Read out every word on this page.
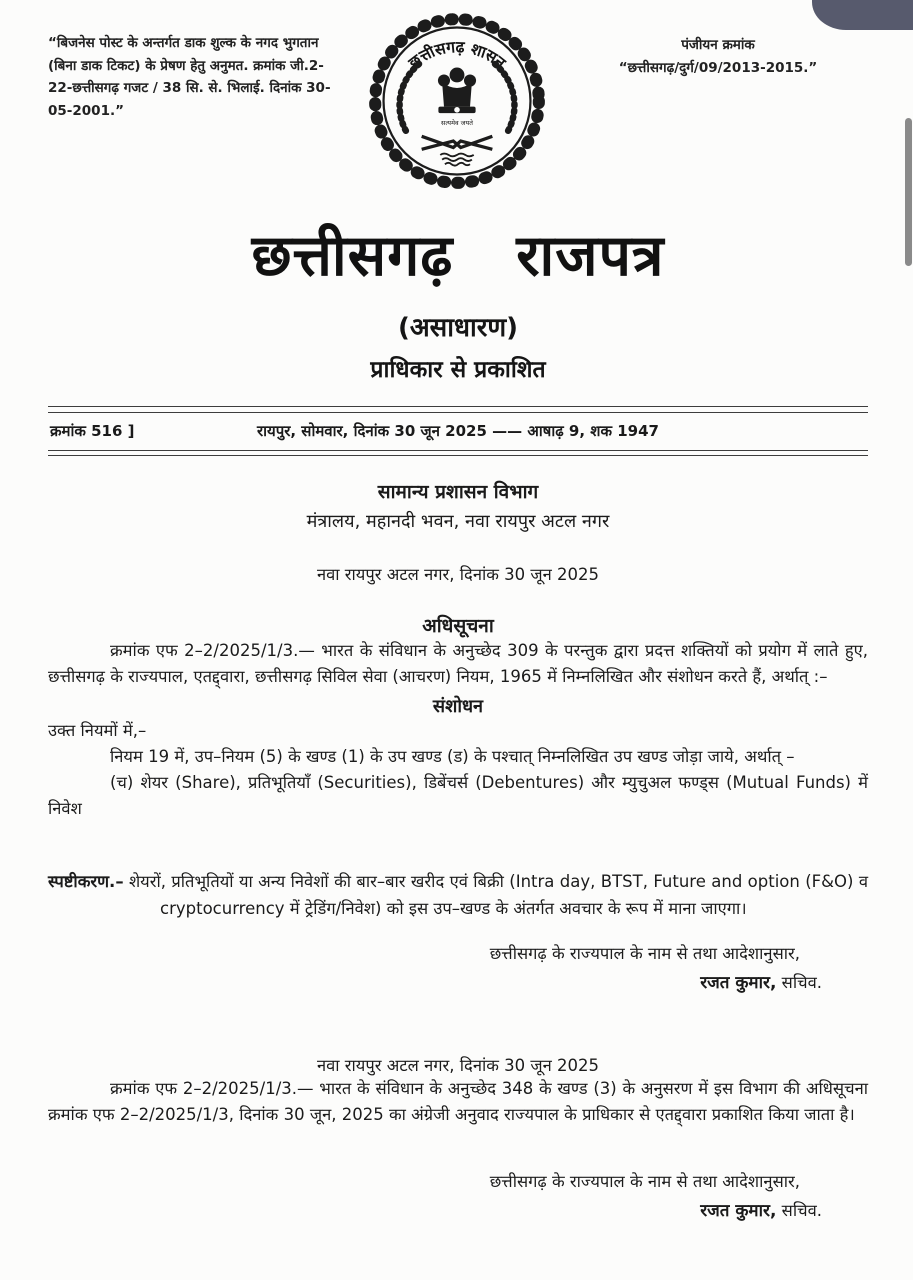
“बिजनेस पोस्ट के अन्तर्गत डाक शुल्क के नगद भुगतान (बिना डाक टिकट) के प्रेषण हेतु अनुमत. क्रमांक जी.2-22-छत्तीसगढ़ गजट / 38 सि. से. भिलाई. दिनांक 30-05-2001.”
छत्तीसगढ़ शासन
सत्यमेव जयते
पंजीयन क्रमांक
“छत्तीसगढ़/दुर्ग/09/2013-2015.”
छत्तीसगढ़ राजपत्र
(असाधारण)
प्राधिकार से प्रकाशित
क्रमांक 516 ]	रायपुर, सोमवार, दिनांक 30 जून 2025 —— आषाढ़ 9, शक 1947
सामान्य प्रशासन विभाग
मंत्रालय, महानदी भवन, नवा रायपुर अटल नगर
नवा रायपुर अटल नगर, दिनांक 30 जून 2025
अधिसूचना

क्रमांक एफ 2–2/2025/1/3.— भारत के संविधान के अनुच्छेद 309 के परन्तुक द्वारा प्रदत्त शक्तियों को प्रयोग में लाते हुए, छत्तीसगढ़ के राज्यपाल, एतद्द्वारा, छत्तीसगढ़ सिविल सेवा (आचरण) नियम, 1965 में निम्नलिखित और संशोधन करते हैं, अर्थात् :–

संशोधन

उक्त नियमों में,–

नियम 19 में, उप–नियम (5) के खण्ड (1) के उप खण्ड (ड) के पश्चात् निम्नलिखित उप खण्ड जोड़ा जाये, अर्थात् –

(च) शेयर (Share), प्रतिभूतियाँ (Securities), डिबेंचर्स (Debentures) और म्युचुअल फण्ड्स (Mutual Funds) में निवेश

स्पष्टीकरण.– शेयरों, प्रतिभूतियों या अन्य निवेशों की बार–बार खरीद एवं बिक्री (Intra day, BTST, Future and option (F&O) व cryptocurrency में ट्रेडिंग/निवेश) को इस उप–खण्ड के अंतर्गत अवचार के रूप में माना जाएगा।

छत्तीसगढ़ के राज्यपाल के नाम से तथा आदेशानुसार,
रजत कुमार, सचिव.
नवा रायपुर अटल नगर, दिनांक 30 जून 2025

क्रमांक एफ 2–2/2025/1/3.— भारत के संविधान के अनुच्छेद 348 के खण्ड (3) के अनुसरण में इस विभाग की अधिसूचना क्रमांक एफ 2–2/2025/1/3, दिनांक 30 जून, 2025 का अंग्रेजी अनुवाद राज्यपाल के प्राधिकार से एतद्द्वारा प्रकाशित किया जाता है।

छत्तीसगढ़ के राज्यपाल के नाम से तथा आदेशानुसार,
रजत कुमार, सचिव.
